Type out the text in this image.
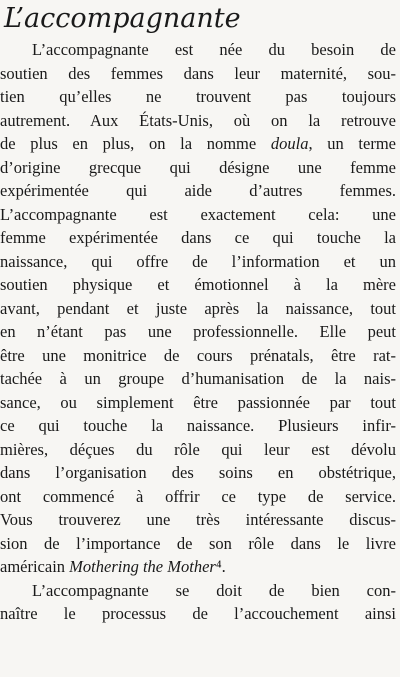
L’accompagnante
L’accompagnante est née du besoin de
soutien des femmes dans leur maternité, sou-
tien qu’elles ne trouvent pas toujours
autrement. Aux États-Unis, où on la retrouve
de plus en plus, on la nomme doula, un terme
d’origine grecque qui désigne une femme
expérimentée qui aide d’autres femmes.
L’accompagnante est exactement cela: une
femme expérimentée dans ce qui touche la
naissance, qui offre de l’information et un
soutien physique et émotionnel à la mère
avant, pendant et juste après la naissance, tout
en n’étant pas une professionnelle. Elle peut
être une monitrice de cours prénatals, être rat-
tachée à un groupe d’humanisation de la nais-
sance, ou simplement être passionnée par tout
ce qui touche la naissance. Plusieurs infir-
mières, déçues du rôle qui leur est dévolu
dans l’organisation des soins en obstétrique,
ont commencé à offrir ce type de service.
Vous trouverez une très intéressante discus-
sion de l’importance de son rôle dans le livre
américain Mothering the Mother⁴.
L’accompagnante se doit de bien con-
naître le processus de l’accouchement ainsi
